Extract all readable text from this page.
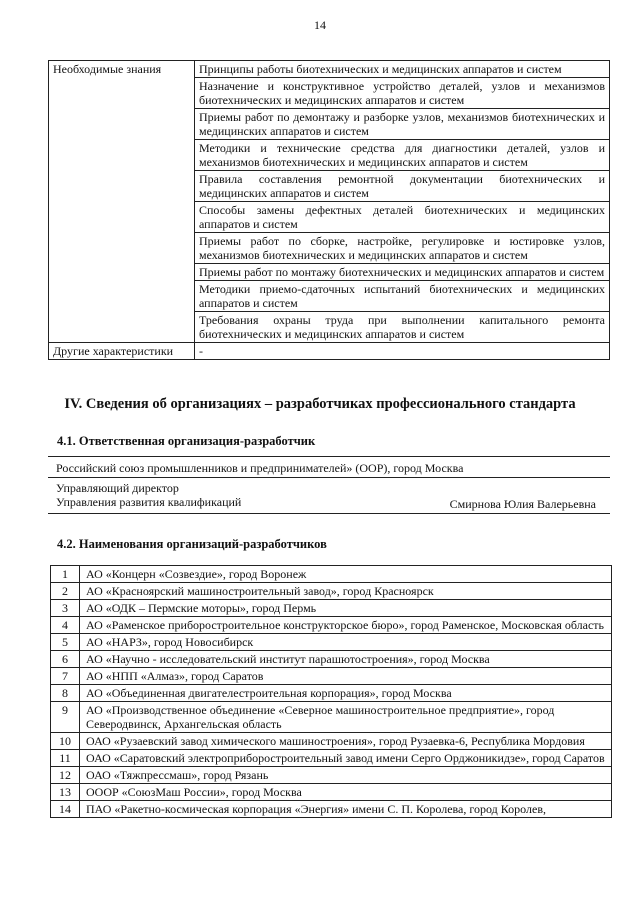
14
Необходимые знания	Принципы работы биотехнических и медицинских аппаратов и систем
	Назначение и конструктивное устройство деталей, узлов и механизмов биотехнических и медицинских аппаратов и систем
	Приемы работ по демонтажу и разборке узлов, механизмов биотехнических и медицинских аппаратов и систем
	Методики и технические средства для диагностики деталей, узлов и механизмов биотехнических и медицинских аппаратов и систем
	Правила составления ремонтной документации биотехнических и медицинских аппаратов и систем
	Способы замены дефектных деталей биотехнических и медицинских аппаратов и систем
	Приемы работ по сборке, настройке, регулировке и юстировке узлов, механизмов биотехнических и медицинских аппаратов и систем
	Приемы работ по монтажу биотехнических и медицинских аппаратов и систем
	Методики приемо-сдаточных испытаний биотехнических и медицинских аппаратов и систем
	Требования охраны труда при выполнении капитального ремонта биотехнических и медицинских аппаратов и систем
Другие характеристики	-
IV. Сведения об организациях – разработчиках профессионального стандарта
4.1. Ответственная организация-разработчик
Российский союз промышленников и предпринимателей» (ООР), город Москва

Управляющий директор
Управления развития квалификаций	Смирнова Юлия Валерьевна
4.2. Наименования организаций-разработчиков
1	АО «Концерн «Созвездие», город Воронеж
2	АО «Красноярский машиностроительный завод», город Красноярск
3	АО «ОДК – Пермские моторы», город Пермь
4	АО «Раменское приборостроительное конструкторское бюро», город Раменское, Московская область
5	АО «НАРЗ», город Новосибирск
6	АО «Научно - исследовательский институт парашютостроения», город Москва
7	АО «НПП «Алмаз», город Саратов
8	АО «Объединенная двигателестроительная корпорация», город Москва
9	АО «Производственное объединение «Северное машиностроительное предприятие», город Северодвинск, Архангельская область
10	ОАО «Рузаевский завод химического машиностроения», город Рузаевка-6, Республика Мордовия
11	ОАО «Саратовский электроприборостроительный завод имени Серго Орджоникидзе», город Саратов
12	ОАО «Тяжпрессмаш», город Рязань
13	ОООР «СоюзМаш России», город Москва
14	ПАО «Ракетно-космическая корпорация «Энергия» имени С. П. Королева, город Королев,
